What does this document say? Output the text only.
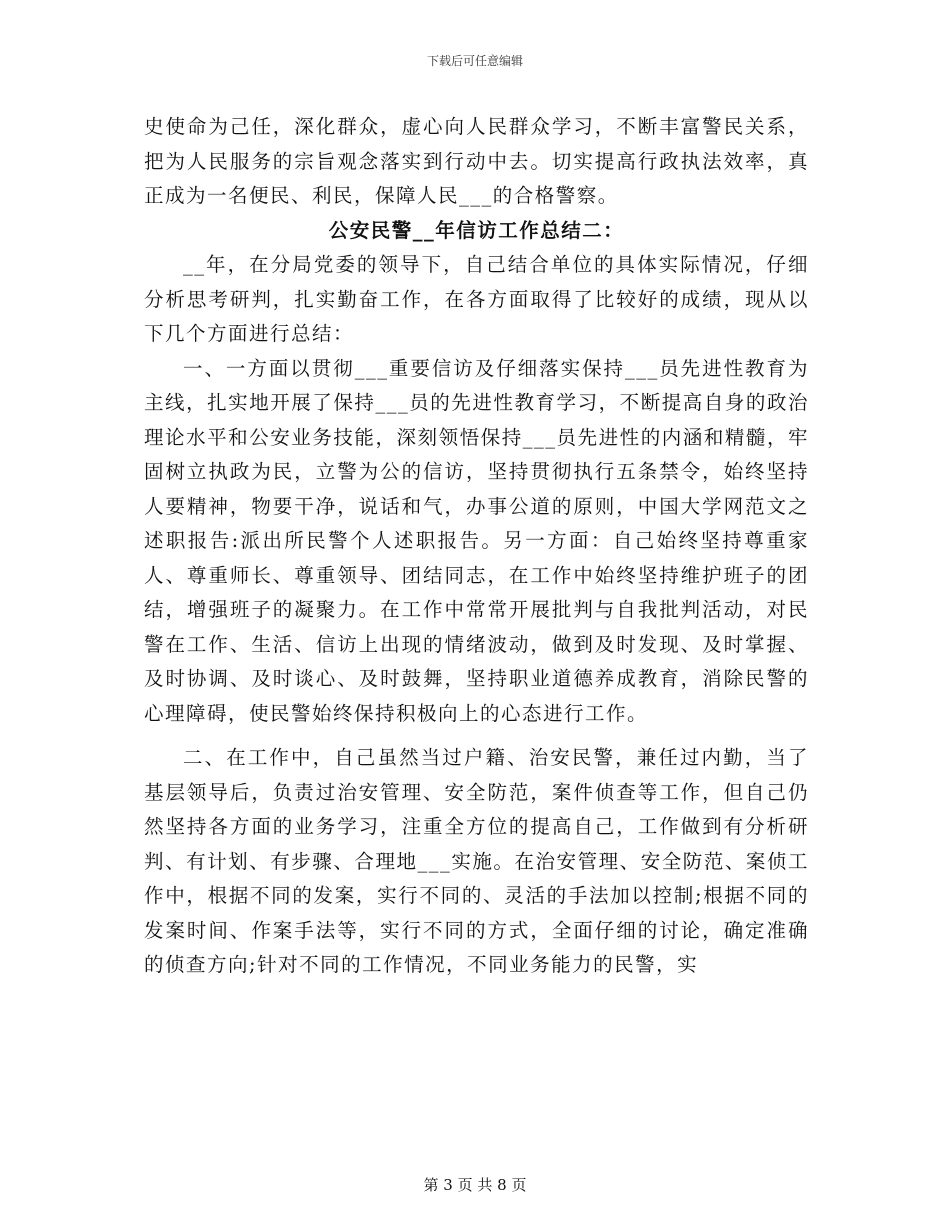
下载后可任意编辑

史使命为己任，深化群众，虚心向人民群众学习，不断丰富警民关系，把为人民服务的宗旨观念落实到行动中去。切实提高行政执法效率，真正成为一名便民、利民，保障人民___的合格警察。

公安民警__年信访工作总结二：

__年，在分局党委的领导下，自己结合单位的具体实际情况，仔细分析思考研判，扎实勤奋工作，在各方面取得了比较好的成绩，现从以下几个方面进行总结：

一、一方面以贯彻___重要信访及仔细落实保持___员先进性教育为主线，扎实地开展了保持___员的先进性教育学习，不断提高自身的政治理论水平和公安业务技能，深刻领悟保持___员先进性的内涵和精髓，牢固树立执政为民，立警为公的信访，坚持贯彻执行五条禁令，始终坚持人要精神，物要干净，说话和气，办事公道的原则，中国大学网范文之述职报告:派出所民警个人述职报告。另一方面：自己始终坚持尊重家人、尊重师长、尊重领导、团结同志，在工作中始终坚持维护班子的团结，增强班子的凝聚力。在工作中常常开展批判与自我批判活动，对民警在工作、生活、信访上出现的情绪波动，做到及时发现、及时掌握、及时协调、及时谈心、及时鼓舞，坚持职业道德养成教育，消除民警的心理障碍，使民警始终保持积极向上的心态进行工作。

二、在工作中，自己虽然当过户籍、治安民警，兼任过内勤，当了基层领导后，负责过治安管理、安全防范，案件侦查等工作，但自己仍然坚持各方面的业务学习，注重全方位的提高自己，工作做到有分析研判、有计划、有步骤、合理地___实施。在治安管理、安全防范、案侦工作中，根据不同的发案，实行不同的、灵活的手法加以控制;根据不同的发案时间、作案手法等，实行不同的方式，全面仔细的讨论，确定准确的侦查方向;针对不同的工作情况，不同业务能力的民警，实

第 3 页 共 8 页
